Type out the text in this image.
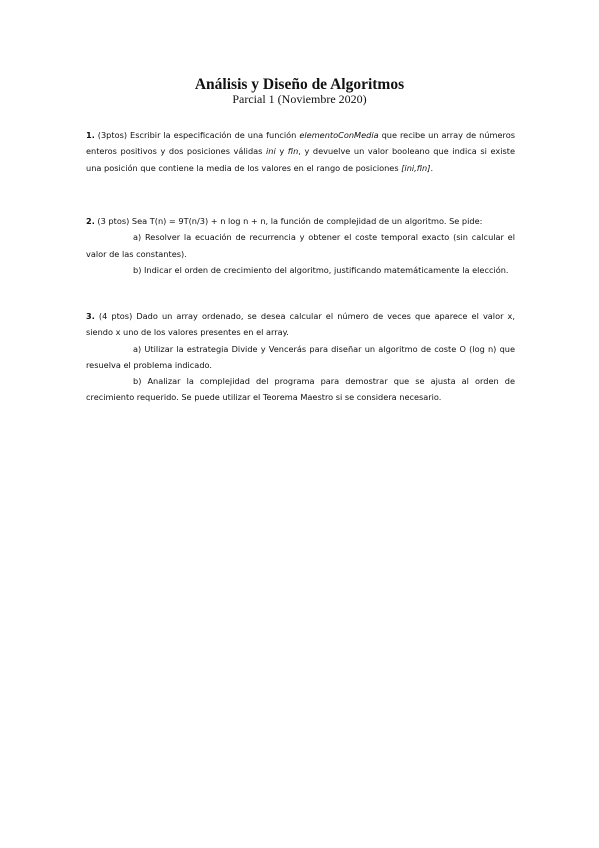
Análisis y Diseño de Algoritmos
Parcial 1 (Noviembre 2020)

1. (3ptos) Escribir la especificación de una función elementoConMedia que recibe un array de números enteros positivos y dos posiciones válidas ini y fin, y devuelve un valor booleano que indica si existe una posición que contiene la media de los valores en el rango de posiciones [ini,fin].

2. (3 ptos) Sea T(n) = 9T(n/3) + n log n + n, la función de complejidad de un algoritmo. Se pide:

a) Resolver la ecuación de recurrencia y obtener el coste temporal exacto (sin calcular el valor de las constantes).

b) Indicar el orden de crecimiento del algoritmo, justificando matemáticamente la elección.

3. (4 ptos) Dado un array ordenado, se desea calcular el número de veces que aparece el valor x, siendo x uno de los valores presentes en el array.

a) Utilizar la estrategia Divide y Vencerás para diseñar un algoritmo de coste O (log n) que resuelva el problema indicado.

b) Analizar la complejidad del programa para demostrar que se ajusta al orden de crecimiento requerido. Se puede utilizar el Teorema Maestro si se considera necesario.
